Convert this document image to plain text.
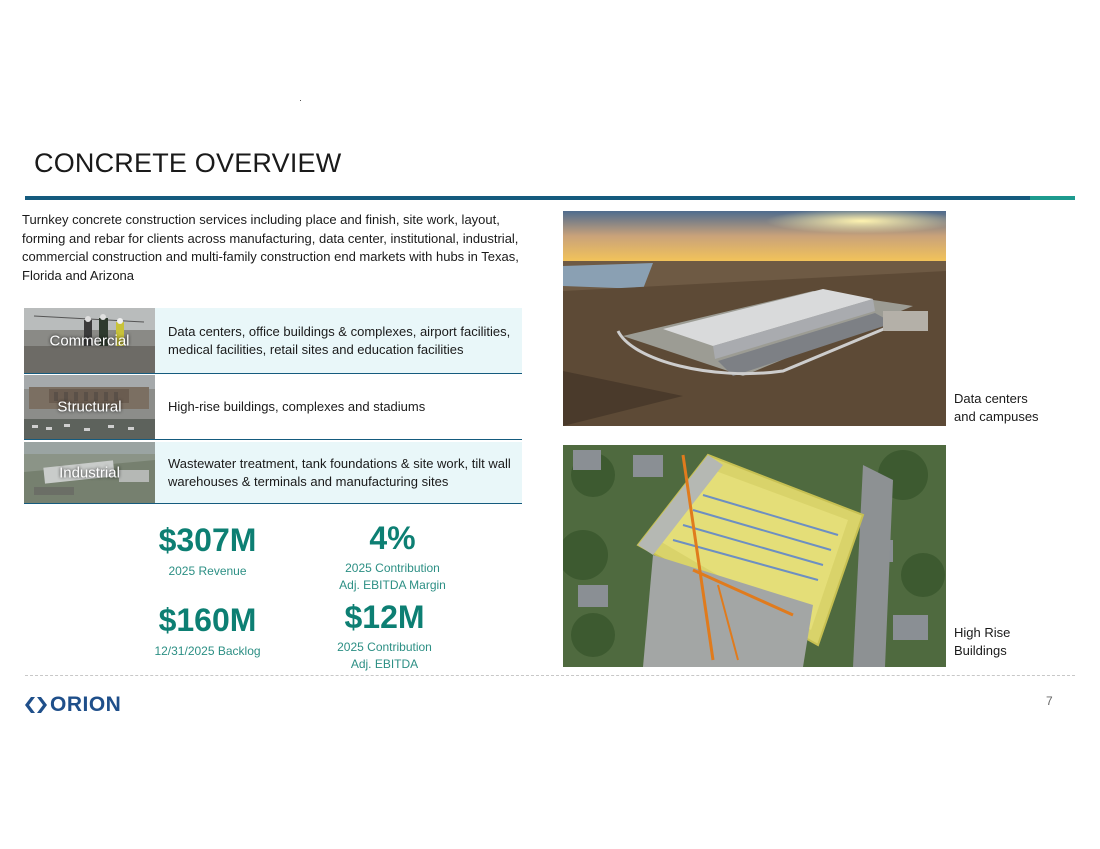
CONCRETE OVERVIEW
Turnkey concrete construction services including place and finish, site work, layout, forming and rebar for clients across manufacturing, data center, institutional, industrial, commercial construction and multi-family construction end markets with hubs in Texas, Florida and Arizona
Commercial
Data centers, office buildings & complexes, airport facilities, medical facilities, retail sites and education facilities
Structural	High-rise buildings, complexes and stadiums
Industrial
Wastewater treatment, tank foundations & site work, tilt wall warehouses & terminals and manufacturing sites
$307M
2025 Revenue
4%
2025 Contribution
Adj. EBITDA Margin
$160M
12/31/2025 Backlog
$12M
2025 Contribution
Adj. EBITDA
Data centers
and campuses
High Rise
Buildings
ORION	7
